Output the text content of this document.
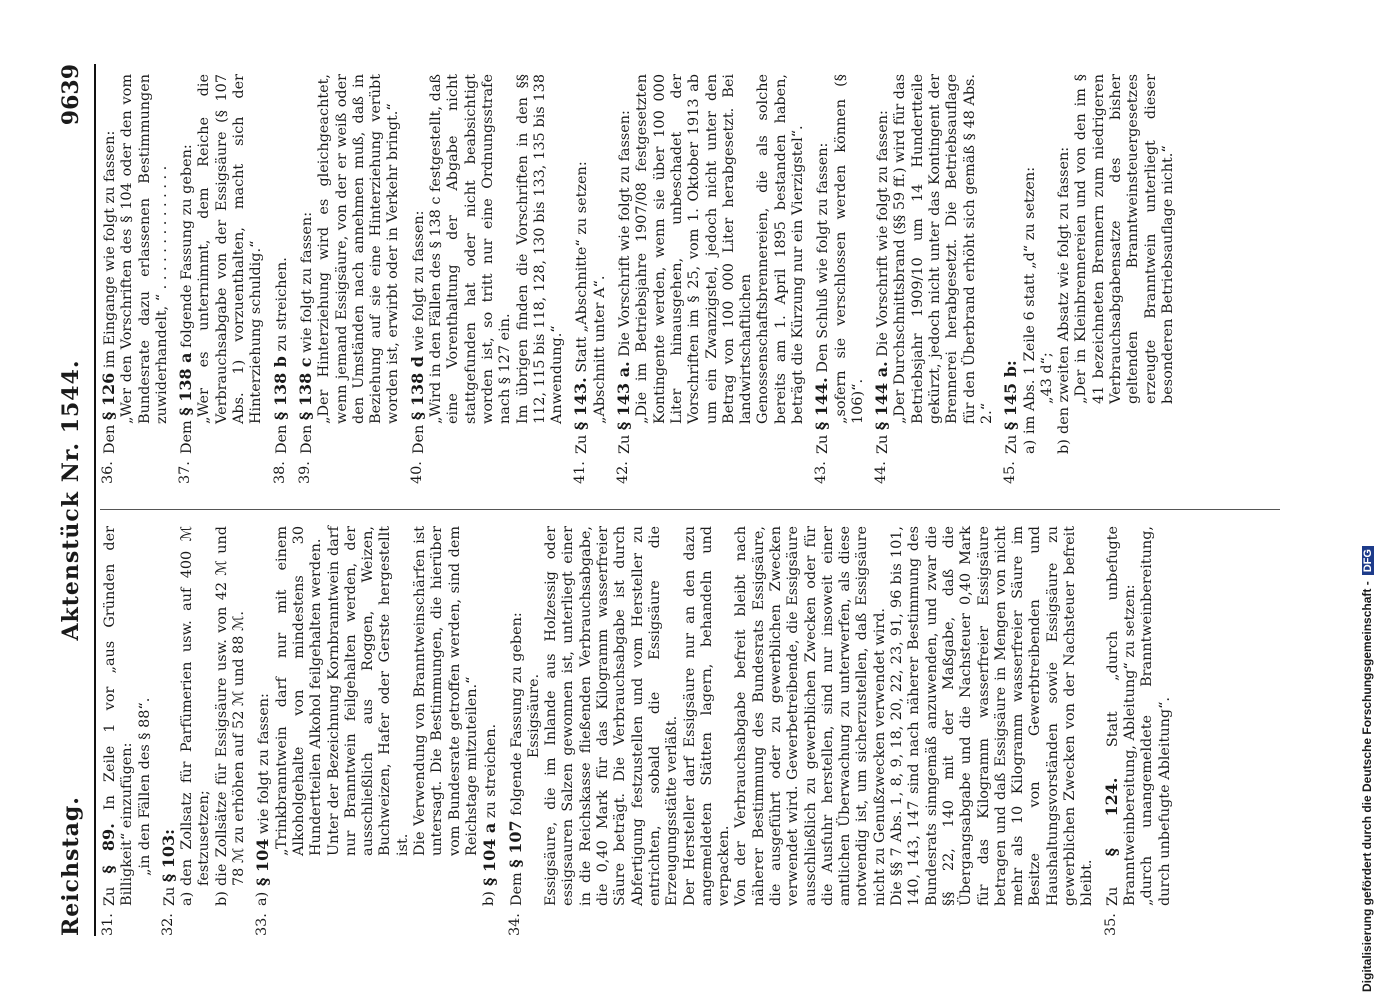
Reichstag.
Aktenstück Nr. 1544.
9639
31.
Zu § 89. In Zeile 1 vor „aus Gründen der Billigkeit“ einzufügen: „in den Fällen des § 88“.
32.
Zu § 103:
a)
den Zollsatz für Parfümerien usw. auf 400 ℳ festzusetzen;
b)
die Zollsätze für Essigsäure usw. von 42 ℳ und 78 ℳ zu erhöhen auf 52 ℳ und 88 ℳ.
33.
a)
§ 104 wie folgt zu fassen: „Trinkbranntwein darf nur mit einem Alkoholgehalte von mindestens 30 Hundertteilen Alkohol feilgehalten werden. Unter der Bezeichnung Kornbranntwein darf nur Branntwein feilgehalten werden, der ausschließlich aus Roggen, Weizen, Buchweizen, Hafer oder Gerste hergestellt ist. Die Verwendung von Branntweinschärfen ist untersagt. Die Bestimmungen, die hierüber vom Bundesrate getroffen werden, sind dem Reichstage mitzuteilen.“
b)
§ 104 a zu streichen.
34.
Dem § 107 folgende Fassung zu geben: Essigsäure. Essigsäure, die im Inlande aus Holzessig oder essigsauren Salzen gewonnen ist, unterliegt einer in die Reichskasse fließenden Verbrauchsabgabe, die 0,40 Mark für das Kilogramm wasserfreier Säure beträgt. Die Verbrauchsabgabe ist durch Abfertigung festzustellen und vom Hersteller zu entrichten, sobald die Essigsäure die Erzeugungsstätte verläßt. Der Hersteller darf Essigsäure nur an den dazu angemeldeten Stätten lagern, behandeln und verpacken. Von der Verbrauchsabgabe befreit bleibt nach näherer Bestimmung des Bundesrats Essigsäure, die ausgeführt oder zu gewerblichen Zwecken verwendet wird. Gewerbetreibende, die Essigsäure ausschließlich zu gewerblichen Zwecken oder für die Ausfuhr herstellen, sind nur insoweit einer amtlichen Überwachung zu unterwerfen, als diese notwendig ist, um sicherzustellen, daß Essigsäure nicht zu Genußzwecken verwendet wird. Die §§ 7 Abs. 1, 8, 9, 18, 20, 22, 23, 91, 96 bis 101, 140, 143, 147 sind nach näherer Bestimmung des Bundesrats sinngemäß anzuwenden, und zwar die §§ 22, 140 mit der Maßgabe, daß die Übergangsabgabe und die Nachsteuer 0,40 Mark für das Kilogramm wasserfreier Essigsäure betragen und daß Essigsäure in Mengen von nicht mehr als 10 Kilogramm wasserfreier Säure im Besitze von Gewerbtreibenden und Haushaltungsvorständen sowie Essigsäure zu gewerblichen Zwecken von der Nachsteuer befreit bleibt.
35.
Zu § 124. Statt „durch unbefugte Branntweinbereitung, Ableitung“ zu setzen: „durch unangemeldete Branntweinbereitung, durch unbefugte Ableitung“.
36.
Den § 126 im Eingange wie folgt zu fassen: „Wer den Vorschriften des § 104 oder den vom Bundesrate dazu erlassenen Bestimmungen zuwiderhandelt, “ . . . . . . . . . . . . . .
37.
Dem § 138 a folgende Fassung zu geben: „Wer es unternimmt, dem Reiche die Verbrauchsabgabe von der Essigsäure (§ 107 Abs. 1) vorzuenthalten, macht sich der Hinterziehung schuldig.“
38.
Den § 138 b zu streichen.
39.
Den § 138 c wie folgt zu fassen: „Der Hinterziehung wird es gleichgeachtet, wenn jemand Essigsäure, von der er weiß oder den Umständen nach annehmen muß, daß in Beziehung auf sie eine Hinterziehung verübt worden ist, erwirbt oder in Verkehr bringt.“
40.
Den § 138 d wie folgt zu fassen: „Wird in den Fällen des § 138 c festgestellt, daß eine Vorenthaltung der Abgabe nicht stattgefunden hat oder nicht beabsichtigt worden ist, so tritt nur eine Ordnungsstrafe nach § 127 ein. Im übrigen finden die Vorschriften in den §§ 112, 115 bis 118, 128, 130 bis 133, 135 bis 138 Anwendung.“
41.
Zu § 143. Statt „Abschnitte“ zu setzen: „Abschnitt unter A“.
42.
Zu § 143 a. Die Vorschrift wie folgt zu fassen: „Die im Betriebsjahre 1907/08 festgesetzten Kontingente werden, wenn sie über 100 000 Liter hinausgehen, unbeschadet der Vorschriften im § 25, vom 1. Oktober 1913 ab um ein Zwanzigstel, jedoch nicht unter den Betrag von 100 000 Liter herabgesetzt. Bei landwirtschaftlichen Genossenschaftsbrennereien, die als solche bereits am 1. April 1895 bestanden haben, beträgt die Kürzung nur ein Vierzigstel“.
43.
Zu § 144. Den Schluß wie folgt zu fassen: „sofern sie verschlossen werden können (§ 106)“.
44.
Zu § 144 a. Die Vorschrift wie folgt zu fassen: „Der Durchschnittsbrand (§§ 59 ff.) wird für das Betriebsjahr 1909/10 um 14 Hundertteile gekürzt, jedoch nicht unter das Kontingent der Brennerei herabgesetzt. Die Betriebsauflage für den Überbrand erhöht sich gemäß § 48 Abs. 2.“
45.
Zu § 145 b:
a)
im Abs. 1 Zeile 6 statt „d“ zu setzen: „43 d“;
b)
den zweiten Absatz wie folgt zu fassen: „Der in Kleinbrennereien und von den im § 41 bezeichneten Brennern zum niedrigeren Verbrauchsabgabensatze des bisher geltenden Branntweinsteuergesetzes erzeugte Branntwein unterliegt dieser besonderen Betriebsauflage nicht.“
Digitalisierung gefördert durch die Deutsche Forschungsgemeinschaft -DFG
